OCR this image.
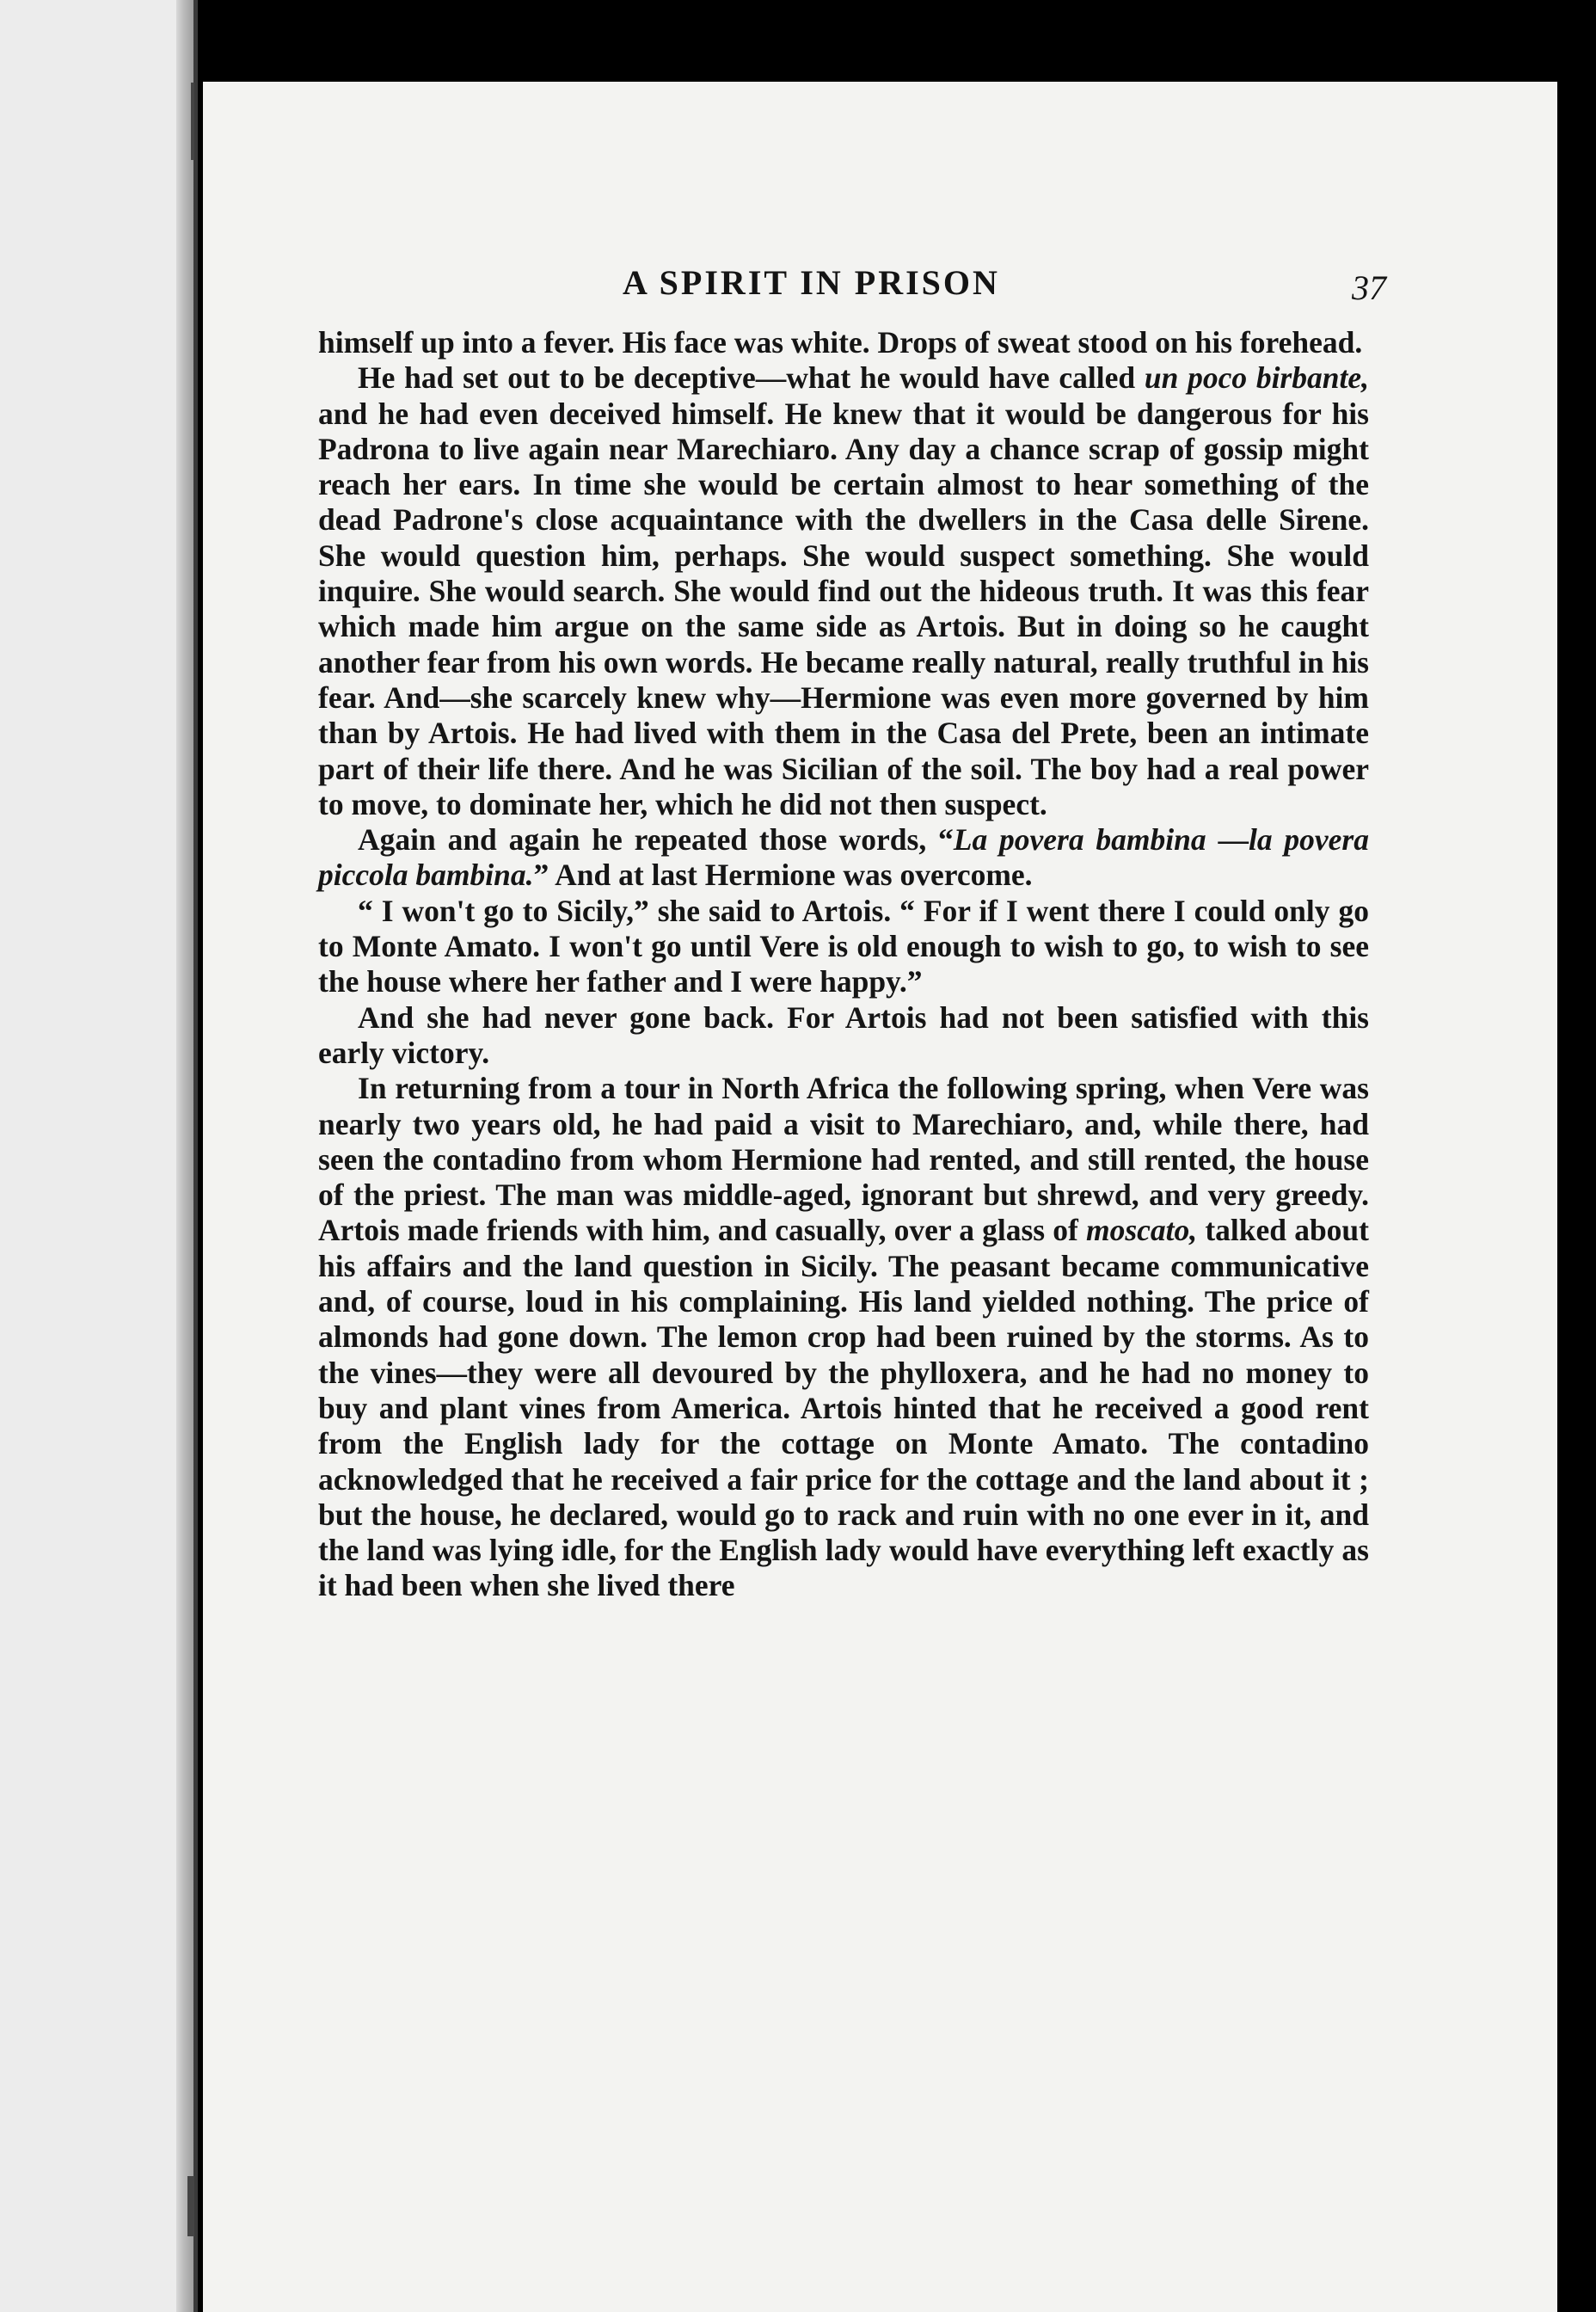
A SPIRIT IN PRISON	37

himself up into a fever. His face was white. Drops of sweat stood on his forehead.

He had set out to be deceptive—what he would have called un poco birbante, and he had even deceived himself. He knew that it would be dangerous for his Padrona to live again near Marechiaro. Any day a chance scrap of gossip might reach her ears. In time she would be certain almost to hear something of the dead Padrone's close acquaintance with the dwellers in the Casa delle Sirene. She would question him, perhaps. She would suspect something. She would inquire. She would search. She would find out the hideous truth. It was this fear which made him argue on the same side as Artois. But in doing so he caught another fear from his own words. He became really natural, really truthful in his fear. And—she scarcely knew why—Hermione was even more governed by him than by Artois. He had lived with them in the Casa del Prete, been an intimate part of their life there. And he was Sicilian of the soil. The boy had a real power to move, to dominate her, which he did not then suspect.

Again and again he repeated those words, “La povera bambina —la povera piccola bambina.” And at last Hermione was overcome.

“ I won't go to Sicily,” she said to Artois. “ For if I went there I could only go to Monte Amato. I won't go until Vere is old enough to wish to go, to wish to see the house where her father and I were happy.”

And she had never gone back. For Artois had not been satisfied with this early victory.

In returning from a tour in North Africa the following spring, when Vere was nearly two years old, he had paid a visit to Marechiaro, and, while there, had seen the contadino from whom Hermione had rented, and still rented, the house of the priest. The man was middle-aged, ignorant but shrewd, and very greedy. Artois made friends with him, and casually, over a glass of moscato, talked about his affairs and the land question in Sicily. The peasant became communicative and, of course, loud in his complaining. His land yielded nothing. The price of almonds had gone down. The lemon crop had been ruined by the storms. As to the vines—they were all devoured by the phylloxera, and he had no money to buy and plant vines from America. Artois hinted that he received a good rent from the English lady for the cottage on Monte Amato. The contadino acknowledged that he received a fair price for the cottage and the land about it ; but the house, he declared, would go to rack and ruin with no one ever in it, and the land was lying idle, for the English lady would have everything left exactly as it had been when she lived there
